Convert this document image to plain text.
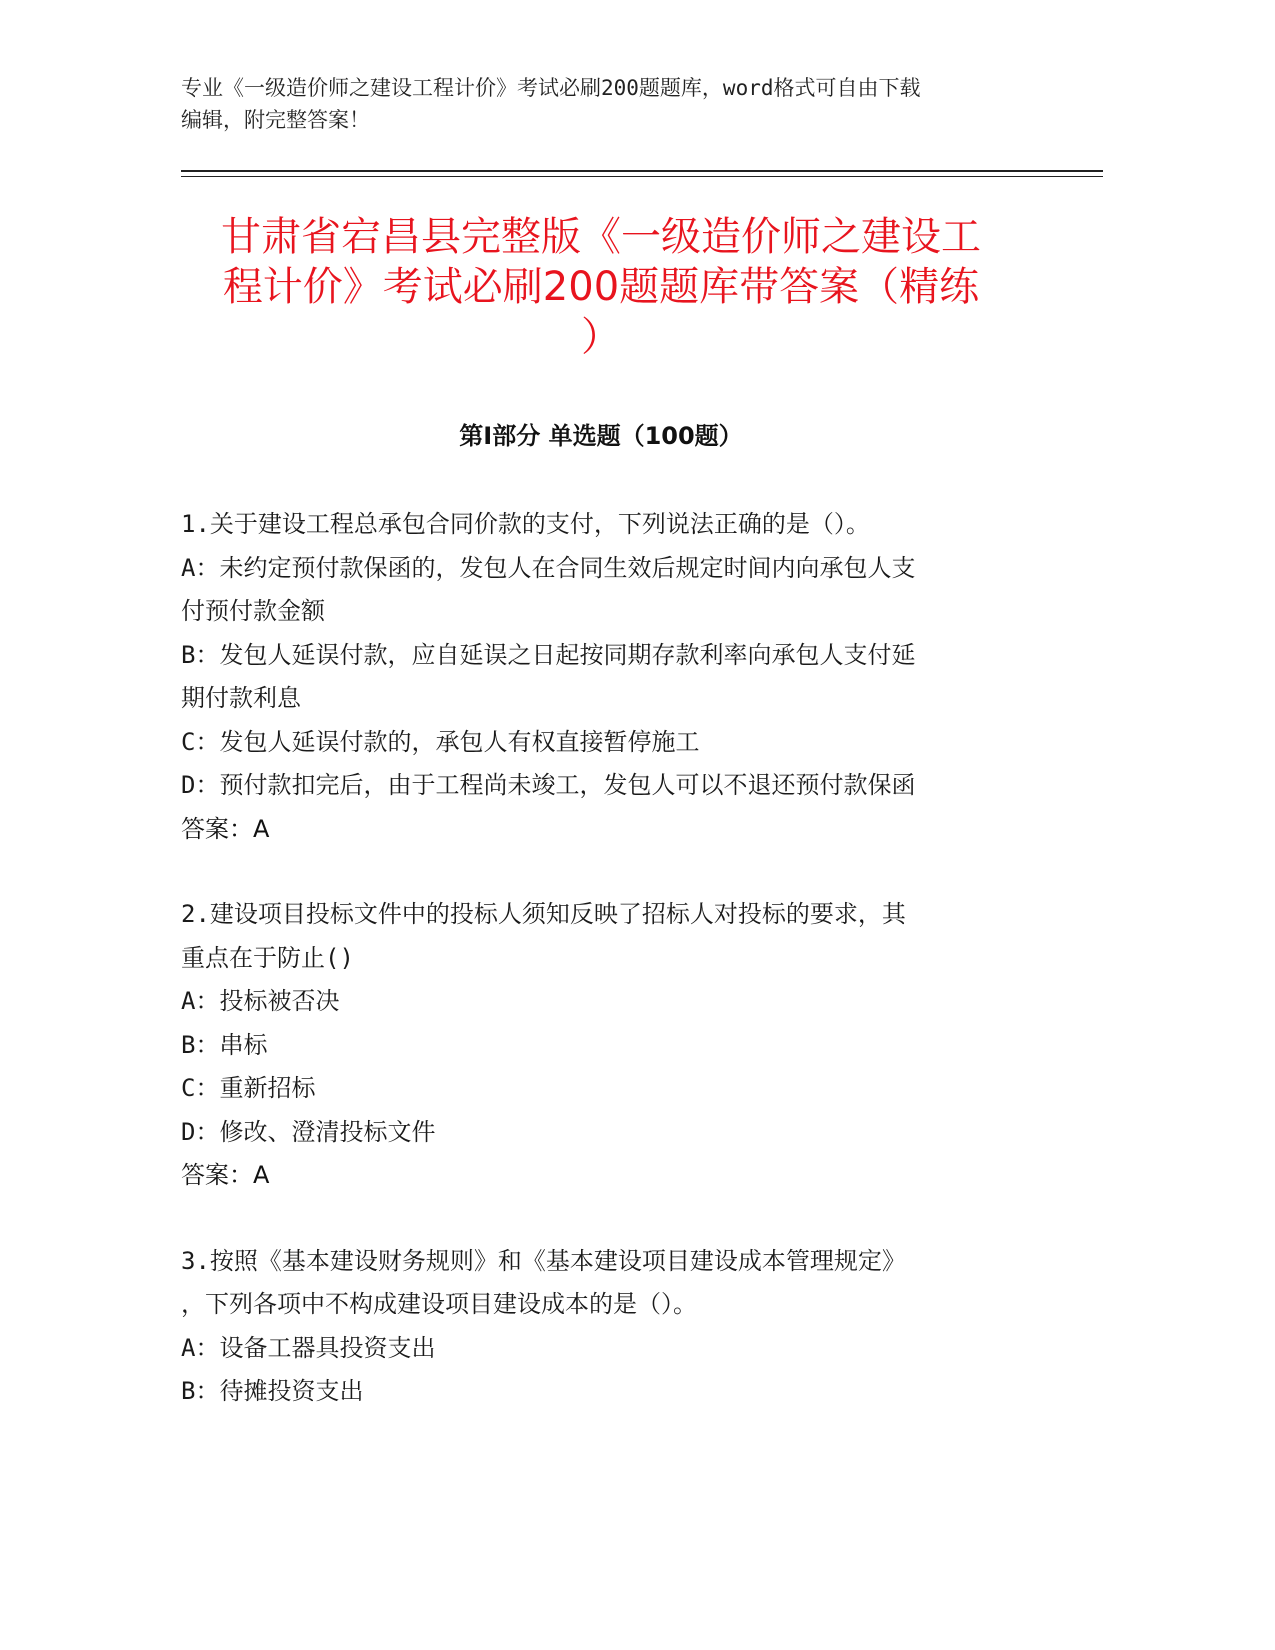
专业《一级造价师之建设工程计价》考试必刷200题题库，word格式可自由下载
编辑，附完整答案！
甘肃省宕昌县完整版《一级造价师之建设工
程计价》考试必刷200题题库带答案（精练
）
第I部分 单选题（100题）
1.关于建设工程总承包合同价款的支付，下列说法正确的是（）。
A：未约定预付款保函的，发包人在合同生效后规定时间内向承包人支
付预付款金额
B：发包人延误付款，应自延误之日起按同期存款利率向承包人支付延
期付款利息
C：发包人延误付款的，承包人有权直接暂停施工
D：预付款扣完后，由于工程尚未竣工，发包人可以不退还预付款保函
答案：A
2.建设项目投标文件中的投标人须知反映了招标人对投标的要求，其
重点在于防止()
A：投标被否决
B：串标
C：重新招标
D：修改、澄清投标文件
答案：A
3.按照《基本建设财务规则》和《基本建设项目建设成本管理规定》
，下列各项中不构成建设项目建设成本的是（）。
A：设备工器具投资支出
B：待摊投资支出
